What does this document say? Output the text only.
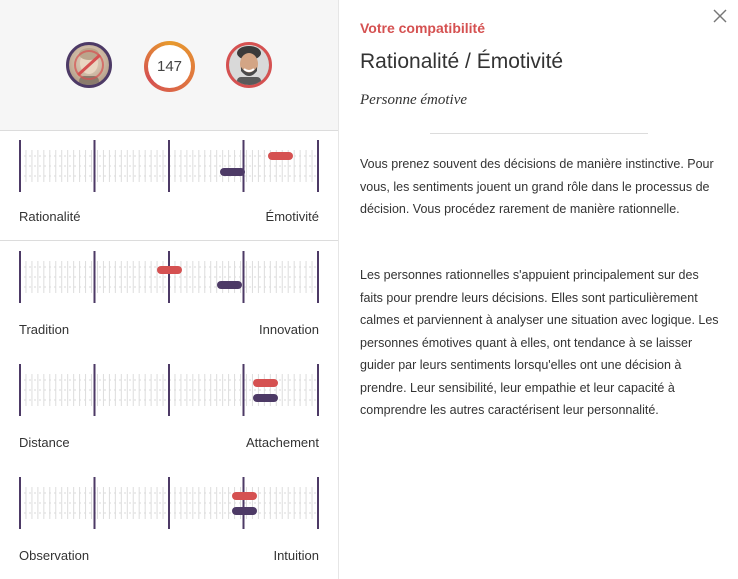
147
Rationalité	Émotivité
Tradition	Innovation
Distance	Attachement
Observation	Intuition
Votre compatibilité
Rationalité / Émotivité
Personne émotive

Vous prenez souvent des décisions de manière instinctive. Pour vous, les sentiments jouent un grand rôle dans le processus de décision. Vous procédez rarement de manière rationnelle.

Les personnes rationnelles s'appuient principalement sur des faits pour prendre leurs décisions. Elles sont particulièrement calmes et parviennent à analyser une situation avec logique. Les personnes émotives quant à elles, ont tendance à se laisser guider par leurs sentiments lorsqu'elles ont une décision à prendre. Leur sensibilité, leur empathie et leur capacité à comprendre les autres caractérisent leur personnalité.
